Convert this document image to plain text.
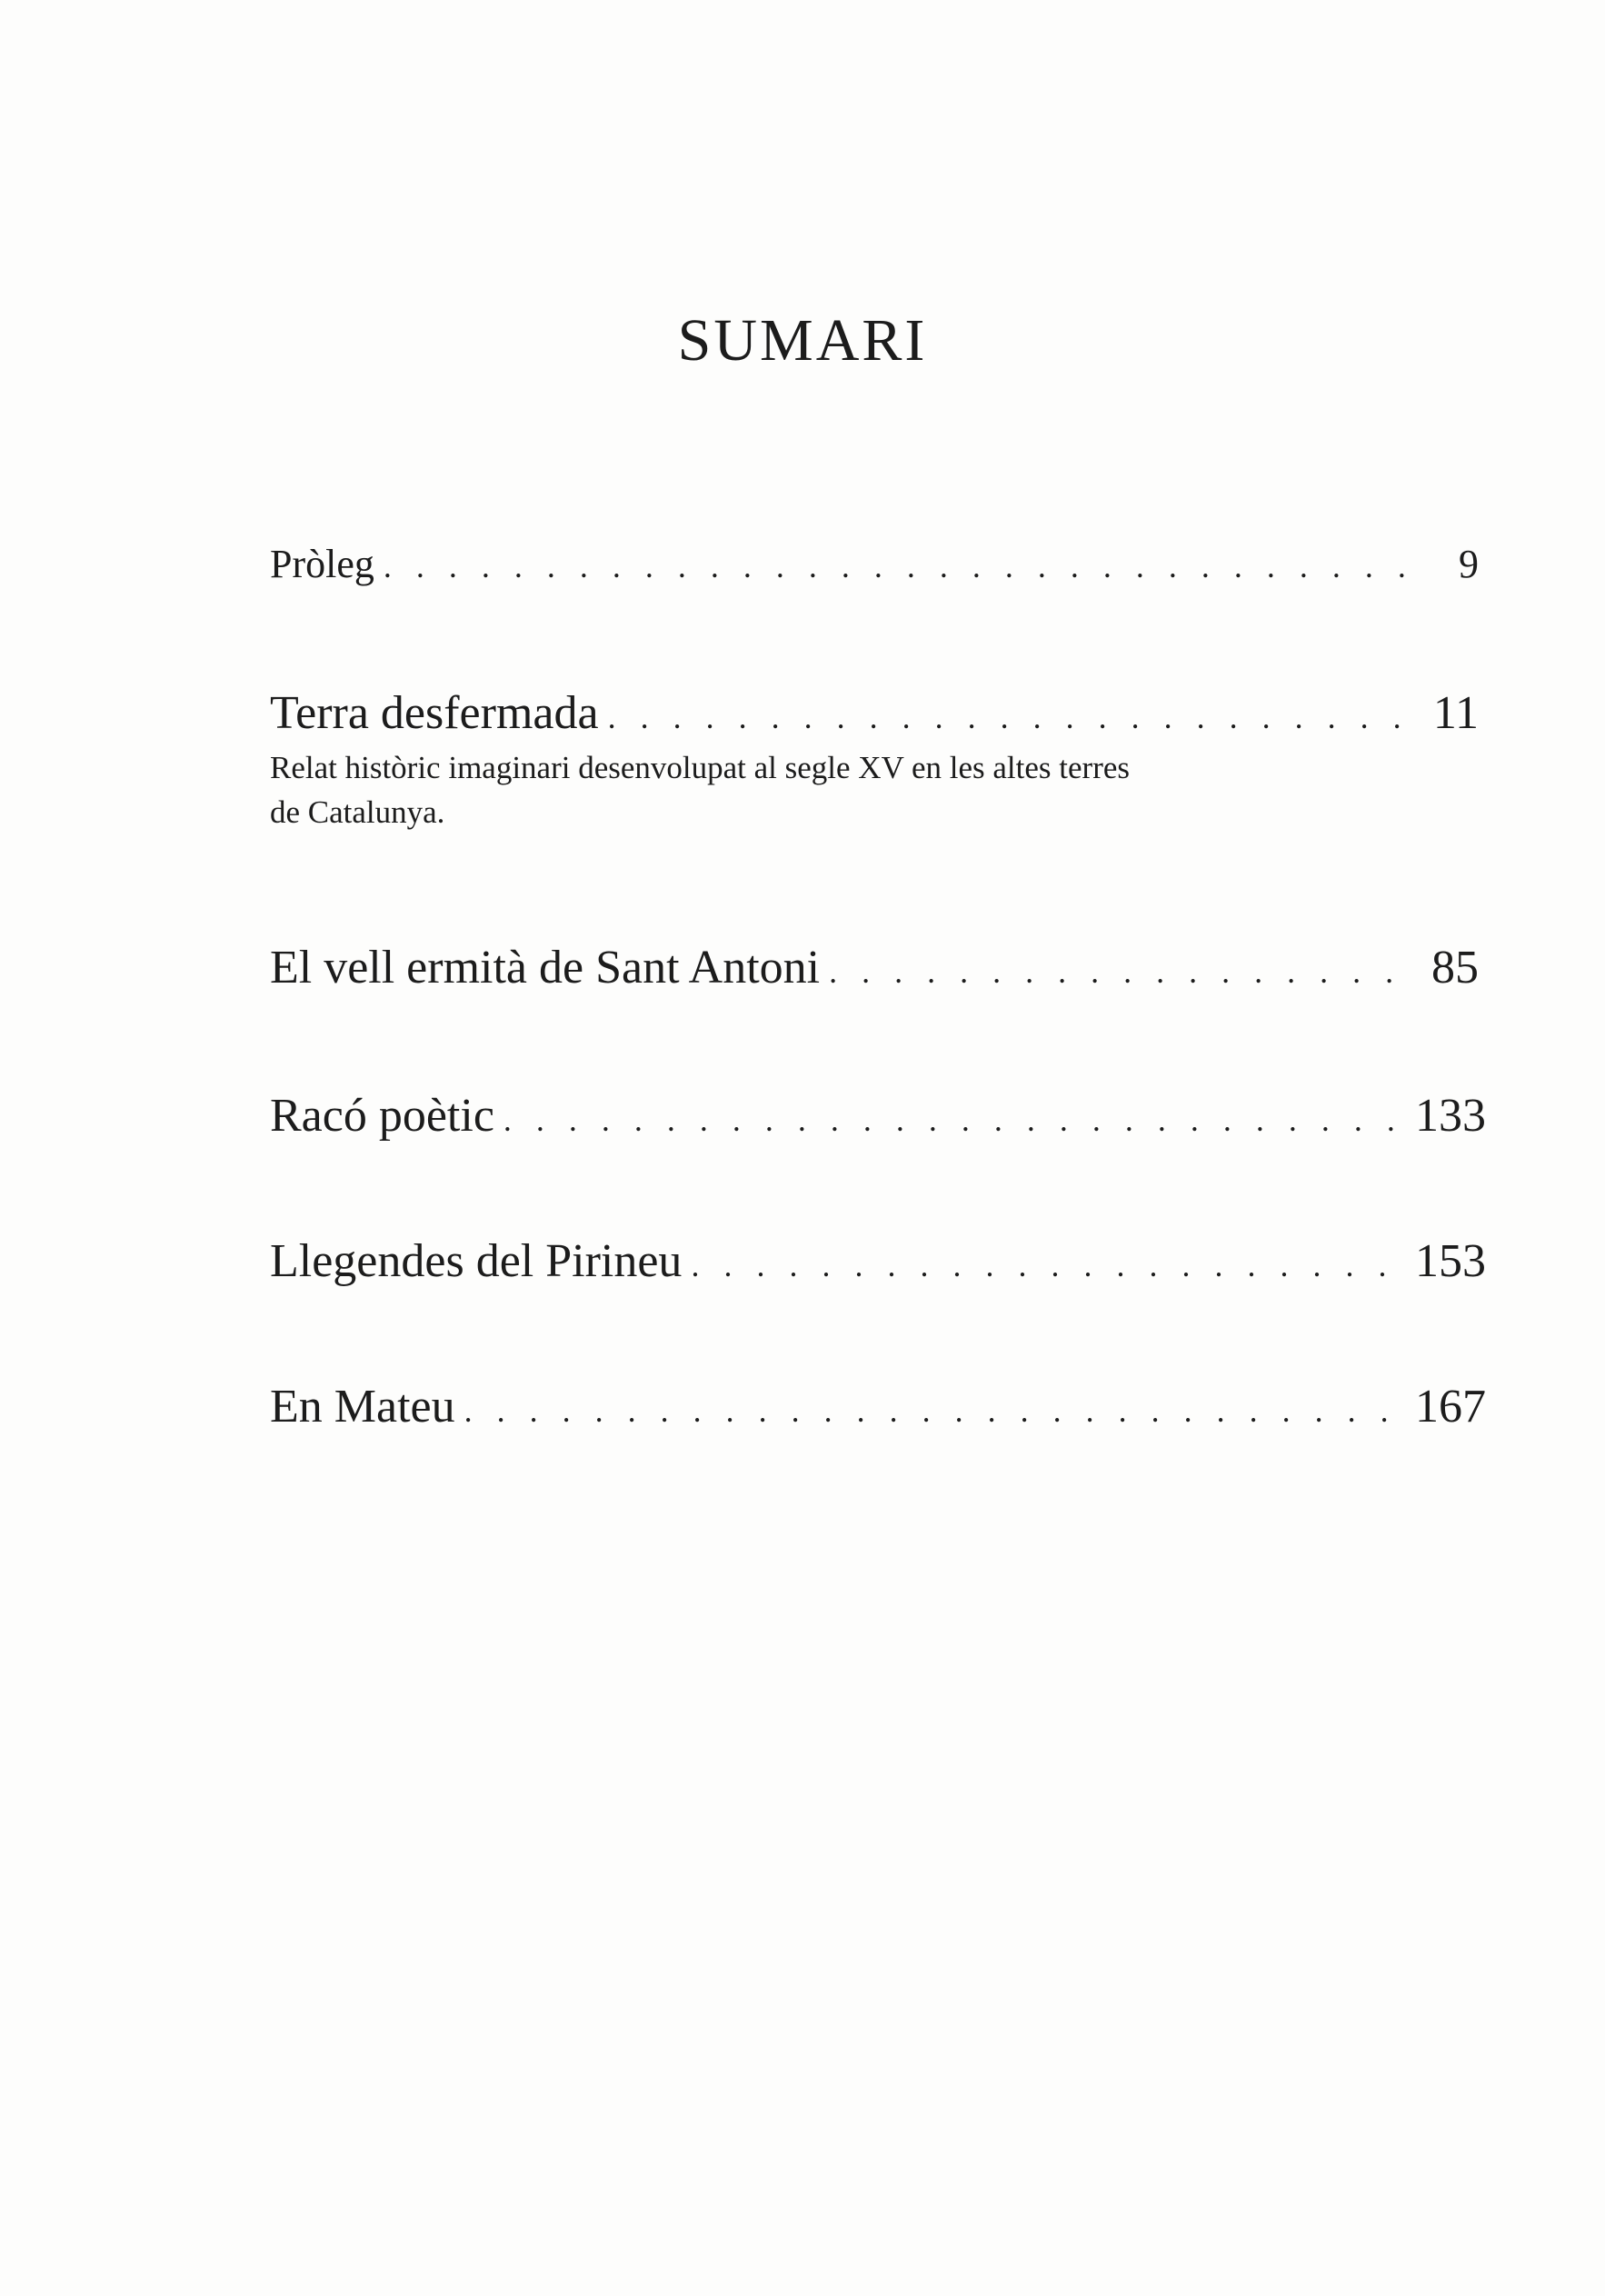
SUMARI
Pròleg . . .	9
Terra desfermada . . .	11
Relat històric imaginari desenvolupat al segle XV en les altes terres de Catalunya.
El vell ermità de Sant Antoni . . .	85
Racó poètic . . .	133
Llegendes del Pirineu . . .	153
En Mateu . . .	167
